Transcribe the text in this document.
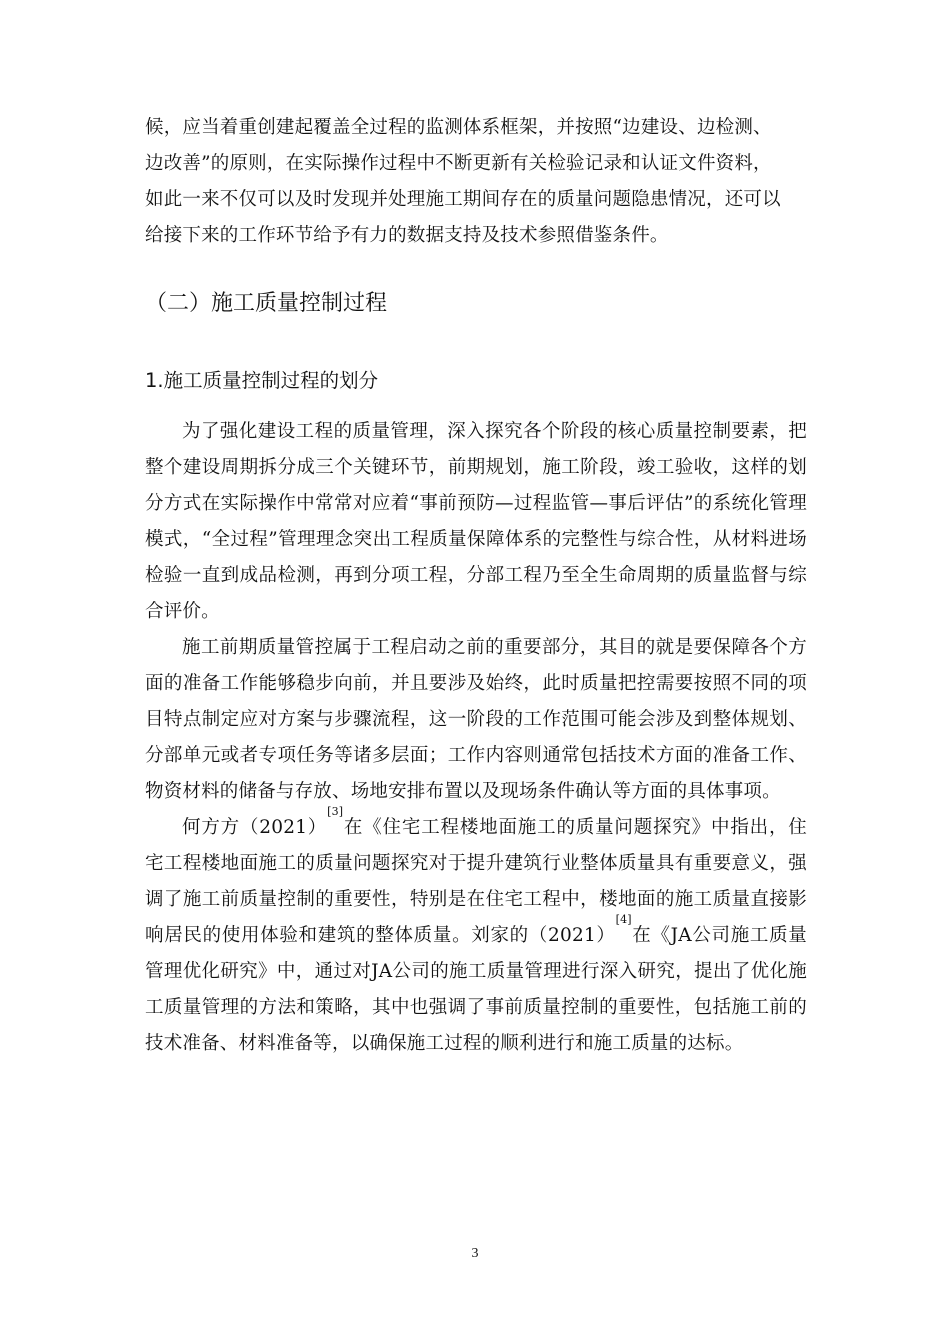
候，应当着重创建起覆盖全过程的监测体系框架，并按照“边建设、边检测、

边改善”的原则，在实际操作过程中不断更新有关检验记录和认证文件资料，

如此一来不仅可以及时发现并处理施工期间存在的质量问题隐患情况，还可以

给接下来的工作环节给予有力的数据支持及技术参照借鉴条件。

（二）施工质量控制过程
1.施工质量控制过程的划分

为了强化建设工程的质量管理，深入探究各个阶段的核心质量控制要素，把整个建设周期拆分成三个关键环节，前期规划，施工阶段，竣工验收，这样的划分方式在实际操作中常常对应着“事前预防—过程监管—事后评估”的系统化管理模式，“全过程”管理理念突出工程质量保障体系的完整性与综合性，从材料进场检验一直到成品检测，再到分项工程，分部工程乃至全生命周期的质量监督与综合评价。

施工前期质量管控属于工程启动之前的重要部分，其目的就是要保障各个方面的准备工作能够稳步向前，并且要涉及始终，此时质量把控需要按照不同的项目特点制定应对方案与步骤流程，这一阶段的工作范围可能会涉及到整体规划、分部单元或者专项任务等诸多层面；工作内容则通常包括技术方面的准备工作、物资材料的储备与存放、场地安排布置以及现场条件确认等方面的具体事项。

何方方（2021）[3]在《住宅工程楼地面施工的质量问题探究》中指出，住宅工程楼地面施工的质量问题探究对于提升建筑行业整体质量具有重要意义，强调了施工前质量控制的重要性，特别是在住宅工程中，楼地面的施工质量直接影响居民的使用体验和建筑的整体质量。刘家的（2021）[4]在《JA公司施工质量管理优化研究》中，通过对JA公司的施工质量管理进行深入研究，提出了优化施工质量管理的方法和策略，其中也强调了事前质量控制的重要性，包括施工前的技术准备、材料准备等，以确保施工过程的顺利进行和施工质量的达标。

3
